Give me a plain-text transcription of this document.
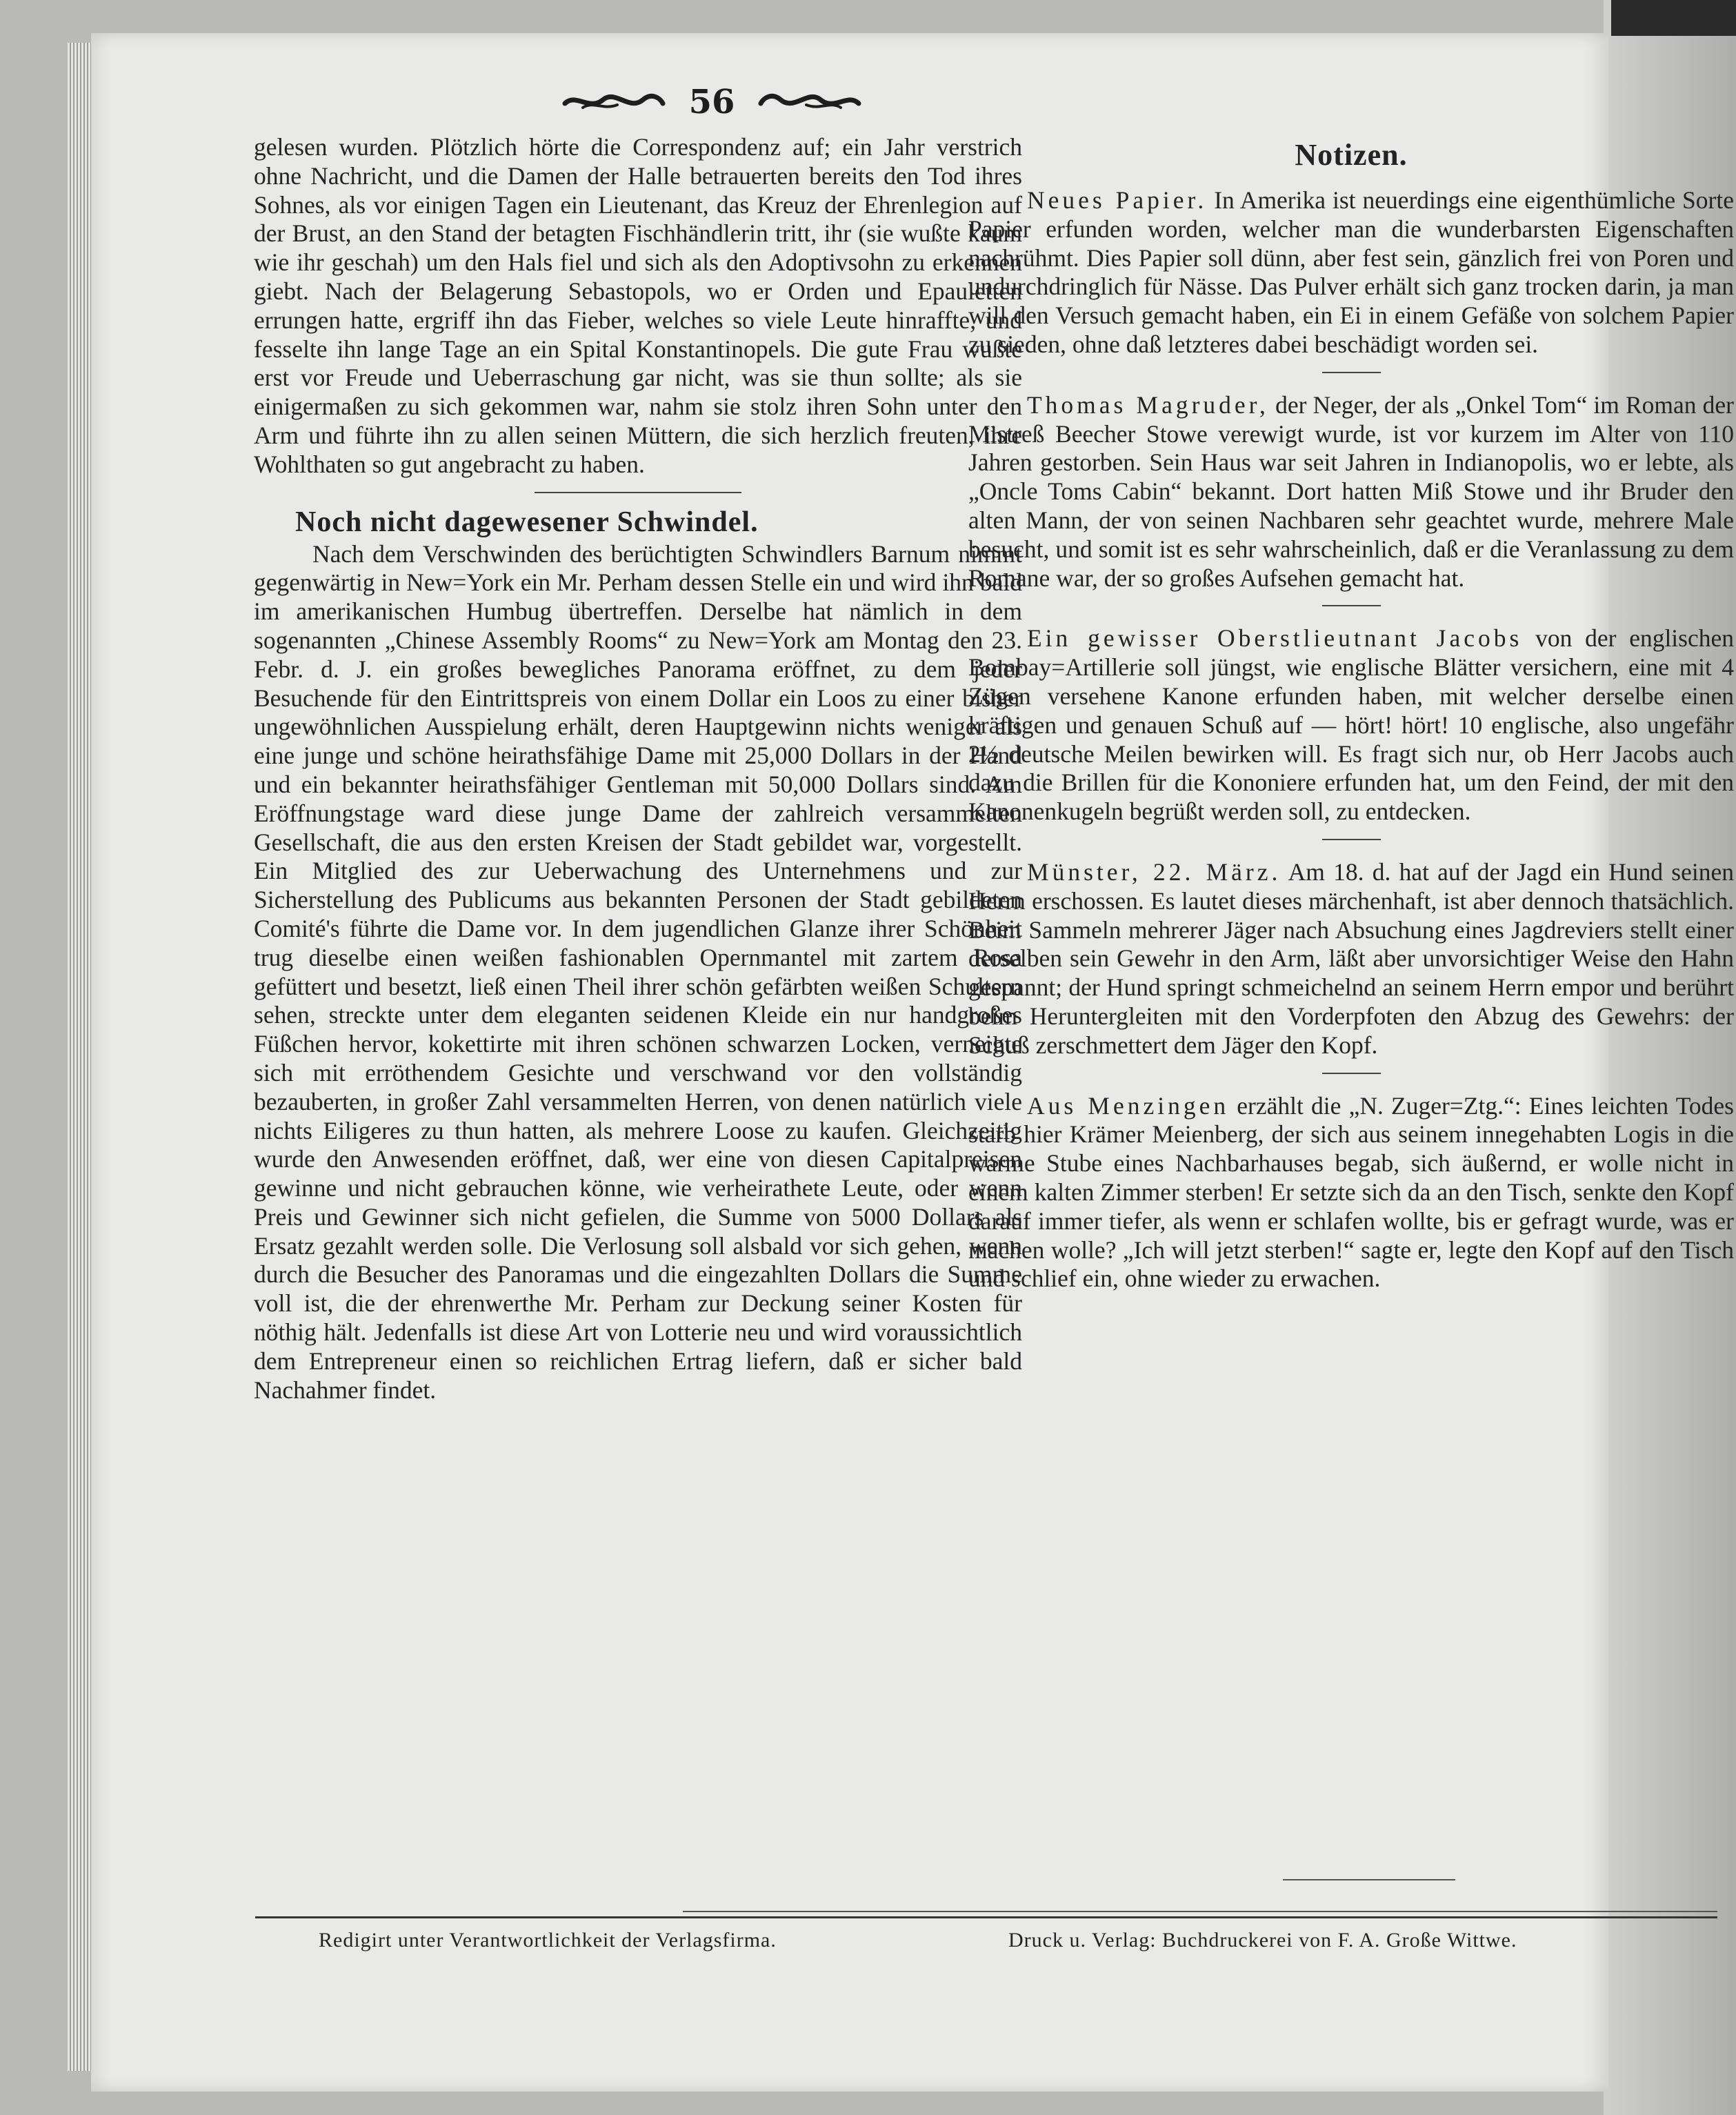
56

gelesen wurden. Plötzlich hörte die Correspondenz auf; ein Jahr verstrich ohne Nachricht, und die Damen der Halle betrauerten bereits den Tod ihres Sohnes, als vor einigen Tagen ein Lieutenant, das Kreuz der Ehrenlegion auf der Brust, an den Stand der betagten Fischhändlerin tritt, ihr (sie wußte kaum wie ihr geschah) um den Hals fiel und sich als den Adoptivsohn zu erkennen giebt. Nach der Belagerung Sebastopols, wo er Orden und Epauletten errungen hatte, ergriff ihn das Fieber, welches so viele Leute hinraffte, und fesselte ihn lange Tage an ein Spital Konstantinopels. Die gute Frau wußte erst vor Freude und Ueberraschung gar nicht, was sie thun sollte; als sie einigermaßen zu sich gekommen war, nahm sie stolz ihren Sohn unter den Arm und führte ihn zu allen seinen Müttern, die sich herzlich freuten, ihre Wohlthaten so gut angebracht zu haben.

Noch nicht dagewesener Schwindel.

Nach dem Verschwinden des berüchtigten Schwindlers Barnum nimmt gegenwärtig in New=York ein Mr. Perham dessen Stelle ein und wird ihn bald im amerikanischen Humbug übertreffen. Derselbe hat nämlich in dem sogenannten „Chinese Assembly Rooms“ zu New=York am Montag den 23. Febr. d. J. ein großes bewegliches Panorama eröffnet, zu dem jeder Besuchende für den Eintrittspreis von einem Dollar ein Loos zu einer bisher ungewöhnlichen Ausspielung erhält, deren Hauptgewinn nichts weniger als eine junge und schöne heirathsfähige Dame mit 25,000 Dollars in der Hand und ein bekannter heirathsfähiger Gentleman mit 50,000 Dollars sind. Am Eröffnungstage ward diese junge Dame der zahlreich versammelten Gesellschaft, die aus den ersten Kreisen der Stadt gebildet war, vorgestellt. Ein Mitglied des zur Ueberwachung des Unternehmens und zur Sicherstellung des Publicums aus bekannten Personen der Stadt gebildeten Comité's führte die Dame vor. In dem jugendlichen Glanze ihrer Schönheit trug dieselbe einen weißen fashionablen Opernmantel mit zartem Rosa gefüttert und besetzt, ließ einen Theil ihrer schön gefärbten weißen Schultern sehen, streckte unter dem eleganten seidenen Kleide ein nur handgroßes Füßchen hervor, kokettirte mit ihren schönen schwarzen Locken, verneigte sich mit erröthendem Gesichte und verschwand vor den vollständig bezauberten, in großer Zahl versammelten Herren, von denen natürlich viele nichts Eiligeres zu thun hatten, als mehrere Loose zu kaufen. Gleichzeitig wurde den Anwesenden eröffnet, daß, wer eine von diesen Capitalpreisen gewinne und nicht gebrauchen könne, wie verheirathete Leute, oder wenn Preis und Gewinner sich nicht gefielen, die Summe von 5000 Dollars als Ersatz gezahlt werden solle. Die Verlosung soll alsbald vor sich gehen, wenn durch die Besucher des Panoramas und die eingezahlten Dollars die Summe voll ist, die der ehrenwerthe Mr. Perham zur Deckung seiner Kosten für nöthig hält. Jedenfalls ist diese Art von Lotterie neu und wird voraussichtlich dem Entrepreneur einen so reichlichen Ertrag liefern, daß er sicher bald Nachahmer findet.

Notizen.

Neues Papier. In Amerika ist neuerdings eine eigenthümliche Sorte Papier erfunden worden, welcher man die wunderbarsten Eigenschaften nachrühmt. Dies Papier soll dünn, aber fest sein, gänzlich frei von Poren und undurchdringlich für Nässe. Das Pulver erhält sich ganz trocken darin, ja man will den Versuch gemacht haben, ein Ei in einem Gefäße von solchem Papier zu sieden, ohne daß letzteres dabei beschädigt worden sei.

Thomas Magruder, der Neger, der als „Onkel Tom“ im Roman der Mistreß Beecher Stowe verewigt wurde, ist vor kurzem im Alter von 110 Jahren gestorben. Sein Haus war seit Jahren in Indianopolis, wo er lebte, als „Oncle Toms Cabin“ bekannt. Dort hatten Miß Stowe und ihr Bruder den alten Mann, der von seinen Nachbaren sehr geachtet wurde, mehrere Male besucht, und somit ist es sehr wahrscheinlich, daß er die Veranlassung zu dem Romane war, der so großes Aufsehen gemacht hat.

Ein gewisser Oberstlieutnant Jacobs von der englischen Bombay=Artillerie soll jüngst, wie englische Blätter versichern, eine mit 4 Zügen versehene Kanone erfunden haben, mit welcher derselbe einen kräftigen und genauen Schuß auf — hört! hört! 10 englische, also ungefähr 2½ deutsche Meilen bewirken will. Es fragt sich nur, ob Herr Jacobs auch dazu die Brillen für die Kononiere erfunden hat, um den Feind, der mit den Kanonenkugeln begrüßt werden soll, zu entdecken.

Münster, 22. März. Am 18. d. hat auf der Jagd ein Hund seinen Herrn erschossen. Es lautet dieses märchenhaft, ist aber dennoch thatsächlich. Beim Sammeln mehrerer Jäger nach Absuchung eines Jagdreviers stellt einer derselben sein Gewehr in den Arm, läßt aber unvorsichtiger Weise den Hahn gespannt; der Hund springt schmeichelnd an seinem Herrn empor und berührt beim Heruntergleiten mit den Vorderpfoten den Abzug des Gewehrs: der Schuß zerschmettert dem Jäger den Kopf.

Aus Menzingen erzählt die „N. Zuger=Ztg.“: Eines leichten Todes starb hier Krämer Meienberg, der sich aus seinem innegehabten Logis in die warme Stube eines Nachbarhauses begab, sich äußernd, er wolle nicht in einem kalten Zimmer sterben! Er setzte sich da an den Tisch, senkte den Kopf darauf immer tiefer, als wenn er schlafen wollte, bis er gefragt wurde, was er machen wolle? „Ich will jetzt sterben!“ sagte er, legte den Kopf auf den Tisch und schlief ein, ohne wieder zu erwachen.

Redigirt unter Verantwortlichkeit der Verlagsfirma.	Druck u. Verlag: Buchdruckerei von F. A. Große Wittwe.
